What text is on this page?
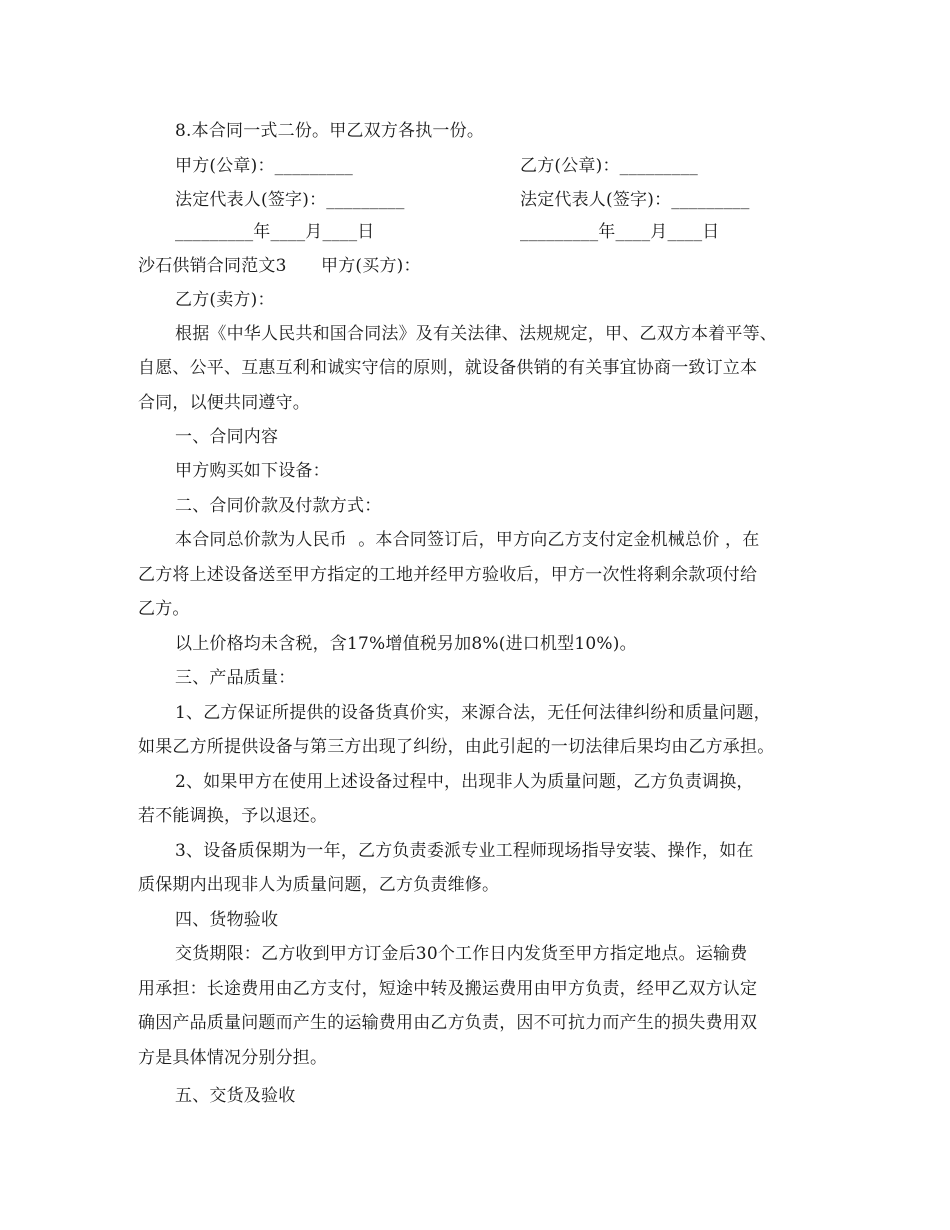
8.本合同一式二份。甲乙双方各执一份。
甲方(公章)：_________	乙方(公章)：_________
法定代表人(签字)：_________	法定代表人(签字)：_________
_________年____月____日	_________年____月____日
沙石供销合同范文3　　甲方(买方)：
乙方(卖方)：
根据《中华人民共和国合同法》及有关法律、法规规定，甲、乙双方本着平等、
自愿、公平、互惠互利和诚实守信的原则，就设备供销的有关事宜协商一致订立本
合同，以便共同遵守。
一、合同内容
甲方购买如下设备：
二、合同价款及付款方式：
本合同总价款为人民币  。本合同签订后，甲方向乙方支付定金机械总价 ，在
乙方将上述设备送至甲方指定的工地并经甲方验收后，甲方一次性将剩余款项付给
乙方。
以上价格均未含税，含17%增值税另加8%(进口机型10%)。
三、产品质量：
1、乙方保证所提供的设备货真价实，来源合法，无任何法律纠纷和质量问题，
如果乙方所提供设备与第三方出现了纠纷，由此引起的一切法律后果均由乙方承担。
2、如果甲方在使用上述设备过程中，出现非人为质量问题，乙方负责调换，
若不能调换，予以退还。
3、设备质保期为一年，乙方负责委派专业工程师现场指导安装、操作，如在
质保期内出现非人为质量问题，乙方负责维修。
四、货物验收
交货期限：乙方收到甲方订金后30个工作日内发货至甲方指定地点。运输费
用承担：长途费用由乙方支付，短途中转及搬运费用由甲方负责，经甲乙双方认定
确因产品质量问题而产生的运输费用由乙方负责，因不可抗力而产生的损失费用双
方是具体情况分别分担。
五、交货及验收
